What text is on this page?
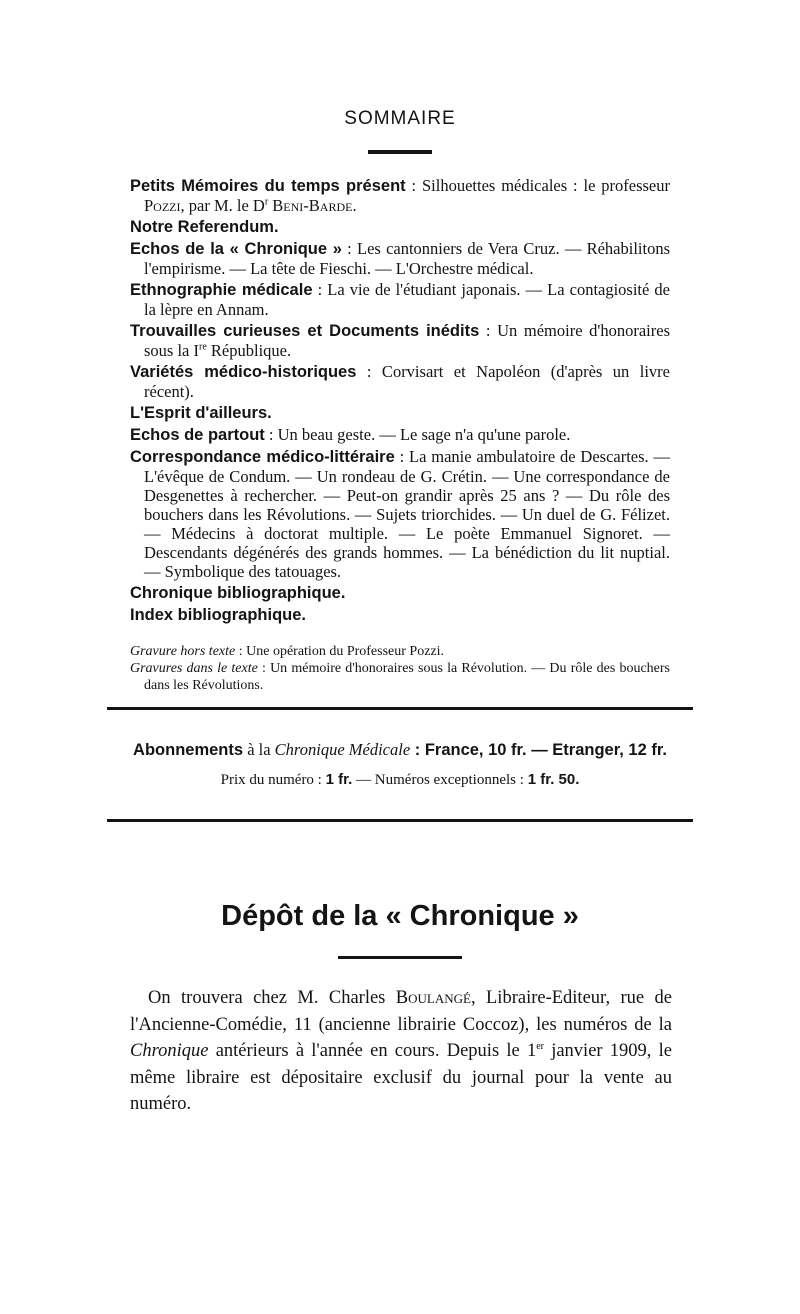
SOMMAIRE

Petits Mémoires du temps présent : Silhouettes médicales : le professeur Pozzi, par M. le $D^r$ Beni-Barde.

Notre Referendum.

Echos de la « Chronique » : Les cantonniers de Vera Cruz. — Réhabilitons l'empirisme. — La tête de Fieschi. — L'Orchestre médical.

Ethnographie médicale : La vie de l'étudiant japonais. — La contagiosité de la lèpre en Annam.

Trouvailles curieuses et Documents inédits : Un mémoire d'honoraires sous la Ire République.

Variétés médico-historiques : Corvisart et Napoléon (d'après un livre récent).

L'Esprit d'ailleurs.

Echos de partout : Un beau geste. — Le sage n'a qu'une parole.

Correspondance médico-littéraire : La manie ambulatoire de Descartes. — L'évêque de Condum. — Un rondeau de G. Crétin. — Une correspondance de Desgenettes à rechercher. — Peut-on grandir après 25 ans ? — Du rôle des bouchers dans les Révolutions. — Sujets triorchides. — Un duel de G. Félizet. — Médecins à doctorat multiple. — Le poète Emmanuel Signoret. — Descendants dégénérés des grands hommes. — La bénédiction du lit nuptial. — Symbolique des tatouages.

Chronique bibliographique.

Index bibliographique.

Gravure hors texte : Une opération du Professeur Pozzi.
Gravures dans le texte : Un mémoire d'honoraires sous la Révolution. — Du rôle des bouchers dans les Révolutions.
Abonnements à la Chronique Médicale : France, 10 fr. — Etranger, 12 fr.
Prix du numéro : 1 fr. — Numéros exceptionnels : 1 fr. 50.
Dépôt de la « Chronique »
On trouvera chez M. Charles Boulangé, Libraire-Editeur, rue de l'Ancienne-Comédie, 11 (ancienne librairie Coccoz), les numéros de la Chronique antérieurs à l'année en cours. Depuis le 1er janvier 1909, le même libraire est dépositaire exclusif du journal pour la vente au numéro.
